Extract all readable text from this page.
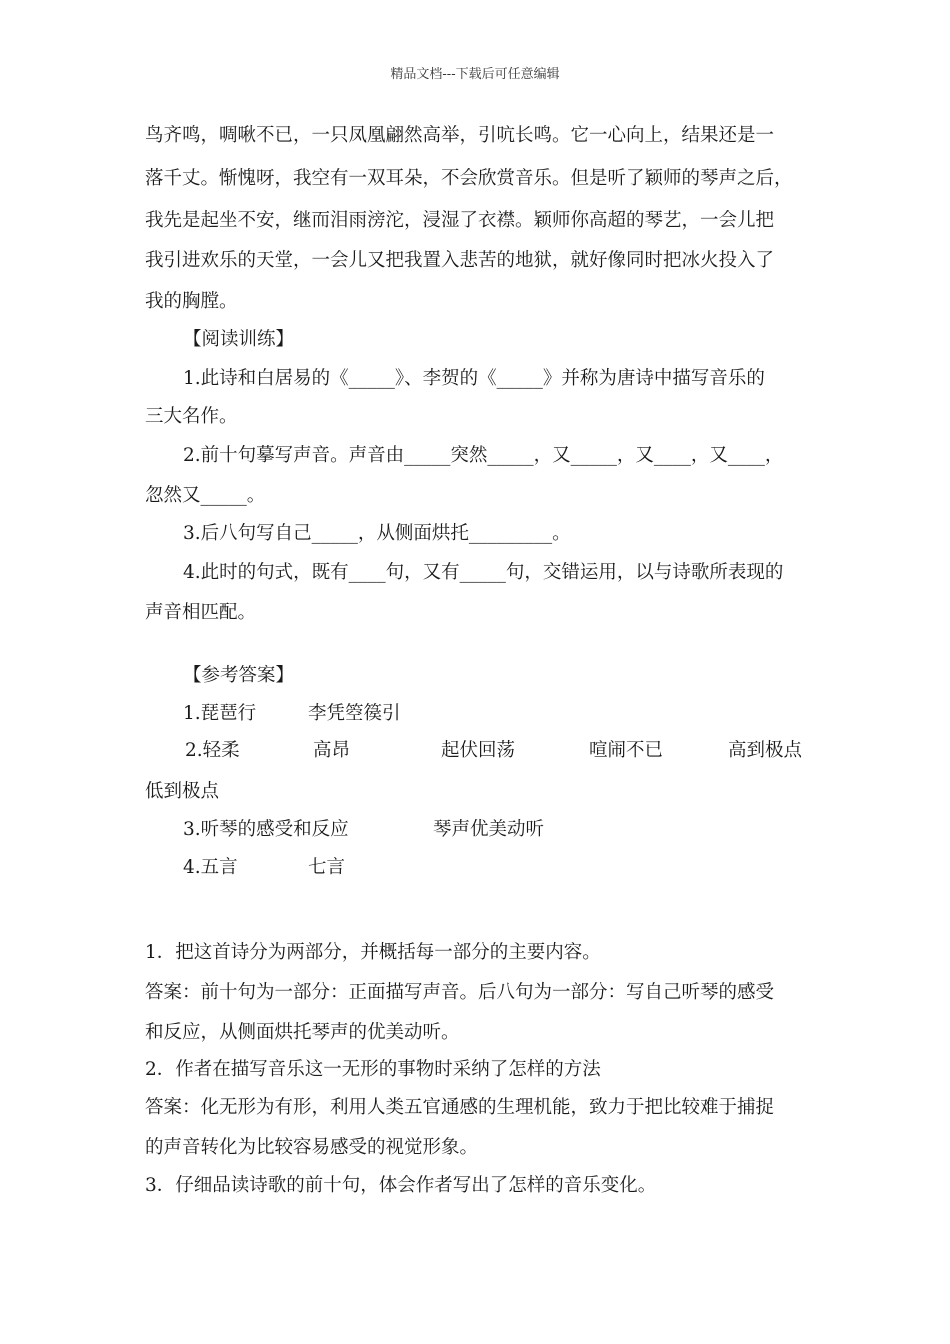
精品文档---下载后可任意编辑
鸟齐鸣，啁啾不已，一只凤凰翩然高举，引吭长鸣。它一心向上，结果还是一
落千丈。惭愧呀，我空有一双耳朵，不会欣赏音乐。但是听了颖师的琴声之后，
我先是起坐不安，继而泪雨滂沱，浸湿了衣襟。颖师你高超的琴艺，一会儿把
我引进欢乐的天堂，一会儿又把我置入悲苦的地狱，就好像同时把冰火投入了
我的胸膛。
【阅读训练】
1.此诗和白居易的《_____》、李贺的《_____》并称为唐诗中描写音乐的
三大名作。
2.前十句摹写声音。声音由_____突然_____，又_____，又____，又____，
忽然又_____。
3.后八句写自己_____，从侧面烘托_________。
4.此时的句式，既有____句，又有_____句，交错运用，以与诗歌所表现的
声音相匹配。
【参考答案】
1.琵琶行	李凭箜篌引
2.轻柔	高昂	起伏回荡	喧闹不已	高到极点
低到极点
3.听琴的感受和反应	琴声优美动听
4.五言	七言
1．把这首诗分为两部分，并概括每一部分的主要内容。
答案：前十句为一部分：正面描写声音。后八句为一部分：写自己听琴的感受
和反应，从侧面烘托琴声的优美动听。
2．作者在描写音乐这一无形的事物时采纳了怎样的方法
答案：化无形为有形，利用人类五官通感的生理机能，致力于把比较难于捕捉
的声音转化为比较容易感受的视觉形象。
3．仔细品读诗歌的前十句，体会作者写出了怎样的音乐变化。
